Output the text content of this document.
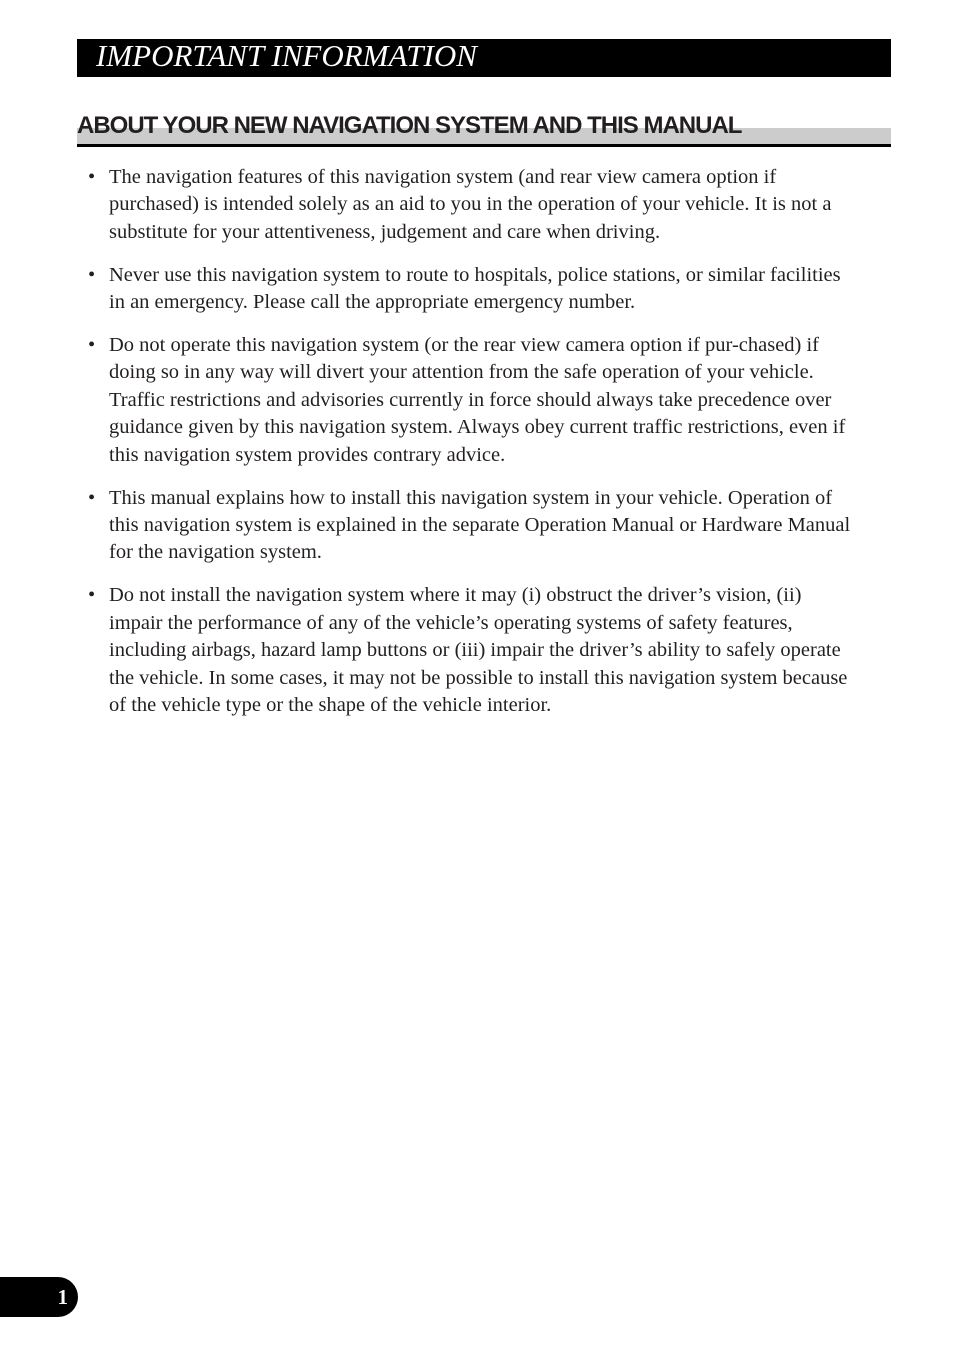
IMPORTANT INFORMATION
ABOUT YOUR NEW NAVIGATION SYSTEM AND THIS MANUAL
• The navigation features of this navigation system (and rear view camera option if purchased) is intended solely as an aid to you in the operation of your vehicle. It is not a substitute for your attentiveness, judgement and care when driving.
• Never use this navigation system to route to hospitals, police stations, or similar facilities in an emergency. Please call the appropriate emergency number.
• Do not operate this navigation system (or the rear view camera option if pur-chased) if doing so in any way will divert your attention from the safe operation of your vehicle. Traffic restrictions and advisories currently in force should always take precedence over guidance given by this navigation system. Always obey current traffic restrictions, even if this navigation system provides contrary advice.
• This manual explains how to install this navigation system in your vehicle. Operation of this navigation system is explained in the separate Operation Manual or Hardware Manual for the navigation system.
• Do not install the navigation system where it may (i) obstruct the driver’s vision, (ii) impair the performance of any of the vehicle’s operating systems of safety features, including airbags, hazard lamp buttons or (iii) impair the driver’s ability to safely operate the vehicle. In some cases, it may not be possible to install this navigation system because of the vehicle type or the shape of the vehicle interior.
1
